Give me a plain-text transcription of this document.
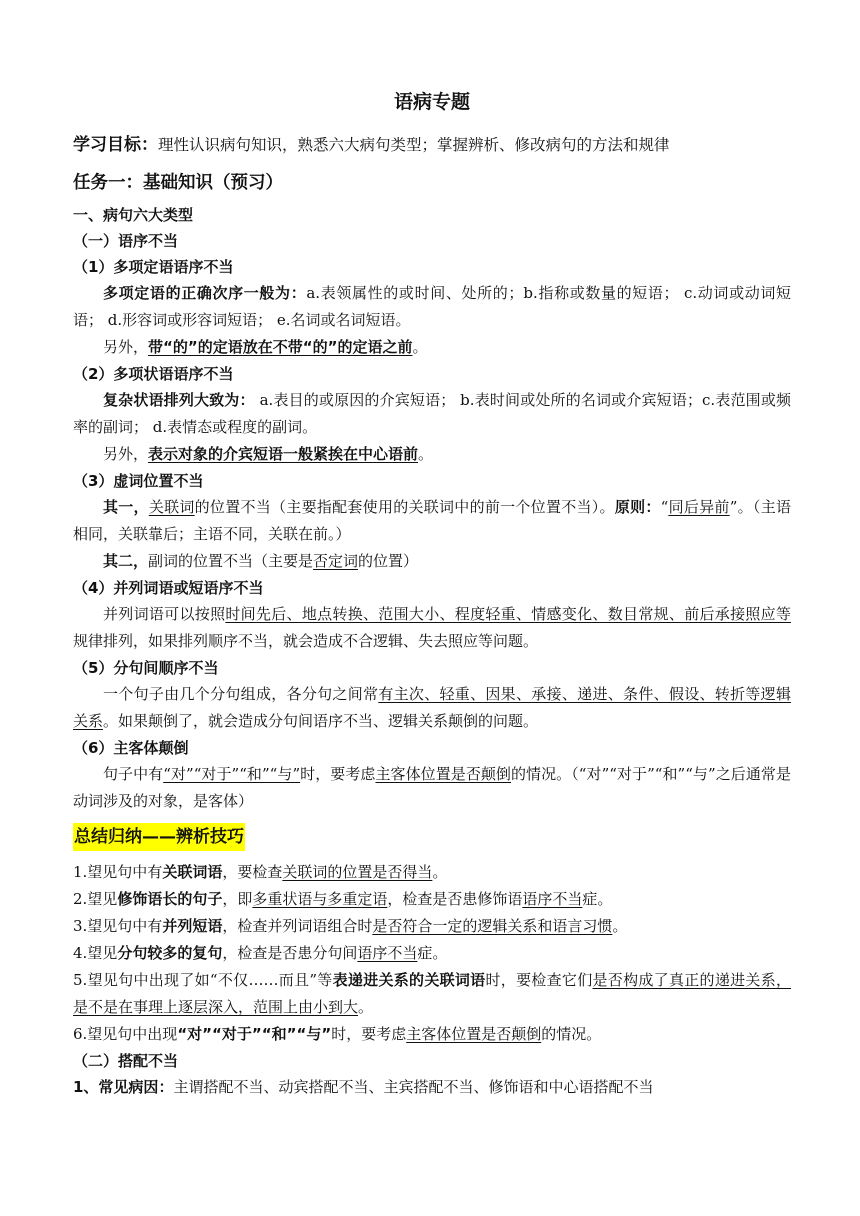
语病专题

学习目标：理性认识病句知识，熟悉六大病句类型；掌握辨析、修改病句的方法和规律

任务一：基础知识（预习）
一、病句六大类型
（一）语序不当
（1）多项定语语序不当

多项定语的正确次序一般为：a.表领属性的或时间、处所的；b.指称或数量的短语； c.动词或动词短语； d.形容词或形容词短语； e.名词或名词短语。

另外，带“的”的定语放在不带“的”的定语之前。

（2）多项状语语序不当

复杂状语排列大致为： a.表目的或原因的介宾短语； b.表时间或处所的名词或介宾短语；c.表范围或频率的副词； d.表情态或程度的副词。

另外，表示对象的介宾短语一般紧挨在中心语前。

（3）虚词位置不当

其一，关联词的位置不当（主要指配套使用的关联词中的前一个位置不当）。原则：“同后异前”。（主语相同，关联靠后；主语不同，关联在前。）

其二，副词的位置不当（主要是否定词的位置）

（4）并列词语或短语序不当

并列词语可以按照时间先后、地点转换、范围大小、程度轻重、情感变化、数目常规、前后承接照应等规律排列，如果排列顺序不当，就会造成不合逻辑、失去照应等问题。

（5）分句间顺序不当

一个句子由几个分句组成，各分句之间常有主次、轻重、因果、承接、递进、条件、假设、转折等逻辑关系。如果颠倒了，就会造成分句间语序不当、逻辑关系颠倒的问题。

（6）主客体颠倒

句子中有“对”“对于”“和”“与”时，要考虑主客体位置是否颠倒的情况。（“对”“对于”“和”“与”之后通常是动词涉及的对象，是客体）

总结归纳——辨析技巧

1.望见句中有关联词语，要检查关联词的位置是否得当。

2.望见修饰语长的句子，即多重状语与多重定语，检查是否患修饰语语序不当症。

3.望见句中有并列短语，检查并列词语组合时是否符合一定的逻辑关系和语言习惯。

4.望见分句较多的复句，检查是否患分句间语序不当症。

5.望见句中出现了如“不仅……而且”等表递进关系的关联词语时，要检查它们是否构成了真正的递进关系，是不是在事理上逐层深入，范围上由小到大。

6.望见句中出现“对”“对于”“和”“与”时，要考虑主客体位置是否颠倒的情况。

（二）搭配不当

1、常见病因：主谓搭配不当、动宾搭配不当、主宾搭配不当、修饰语和中心语搭配不当
